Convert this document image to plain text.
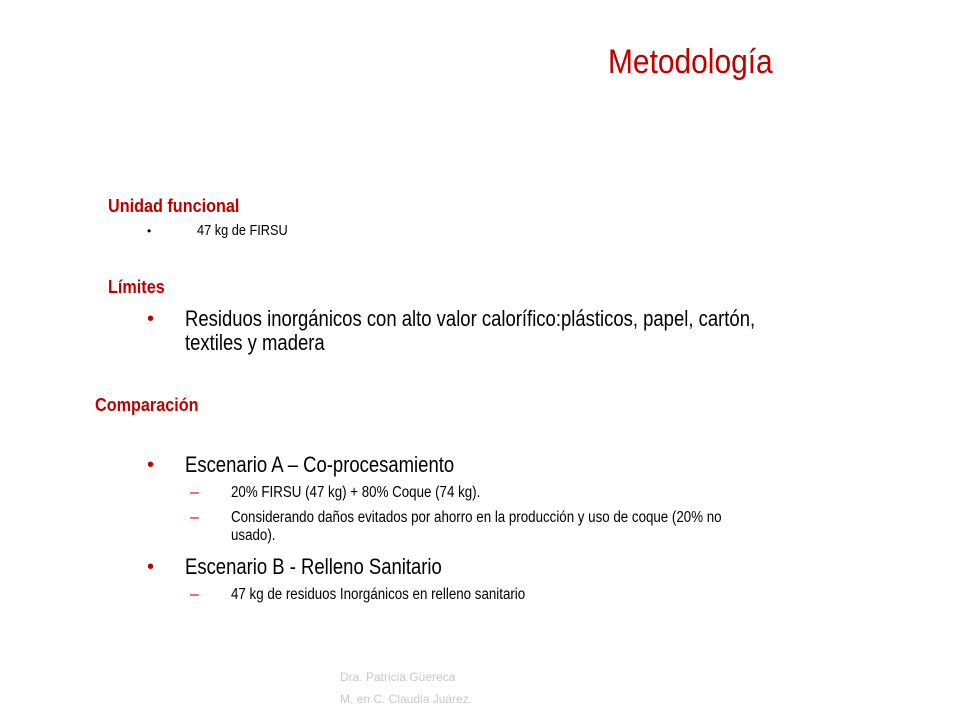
Metodología
Unidad funcional
•	47 kg de FIRSU
Límites
• Residuos inorgánicos con alto valor calorífico:plásticos, papel, cartón,
textiles y madera
Comparación
• Escenario A – Co-procesamiento
– 20% FIRSU (47 kg) + 80% Coque (74 kg).
– Considerando daños evitados por ahorro en la producción y uso de coque (20% no
usado).
• Escenario B - Relleno Sanitario
– 47 kg de residuos Inorgánicos en relleno sanitario
Dra. Patricia Güereca
M. en C. Claudia Juárez.
